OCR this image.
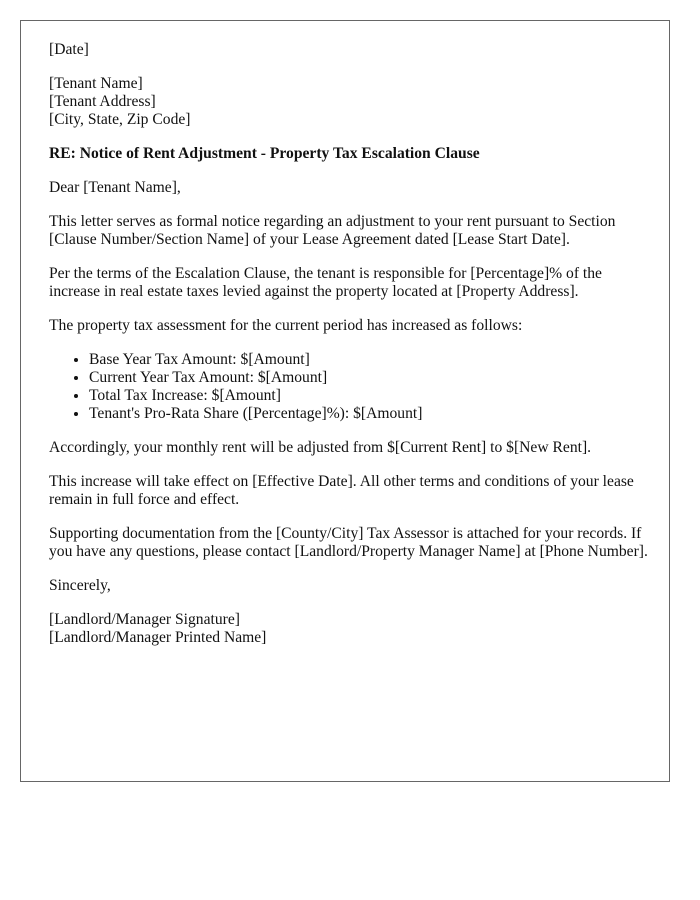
[Date]

[Tenant Name]
[Tenant Address]
[City, State, Zip Code]

RE: Notice of Rent Adjustment - Property Tax Escalation Clause

Dear [Tenant Name],

This letter serves as formal notice regarding an adjustment to your rent pursuant to Section [Clause Number/Section Name] of your Lease Agreement dated [Lease Start Date].

Per the terms of the Escalation Clause, the tenant is responsible for [Percentage]% of the increase in real estate taxes levied against the property located at [Property Address].

The property tax assessment for the current period has increased as follows:

• Base Year Tax Amount: $[Amount]
• Current Year Tax Amount: $[Amount]
• Total Tax Increase: $[Amount]
• Tenant's Pro-Rata Share ([Percentage]%): $[Amount]

Accordingly, your monthly rent will be adjusted from $[Current Rent] to $[New Rent].

This increase will take effect on [Effective Date]. All other terms and conditions of your lease remain in full force and effect.

Supporting documentation from the [County/City] Tax Assessor is attached for your records. If you have any questions, please contact [Landlord/Property Manager Name] at [Phone Number].

Sincerely,

[Landlord/Manager Signature]
[Landlord/Manager Printed Name]
